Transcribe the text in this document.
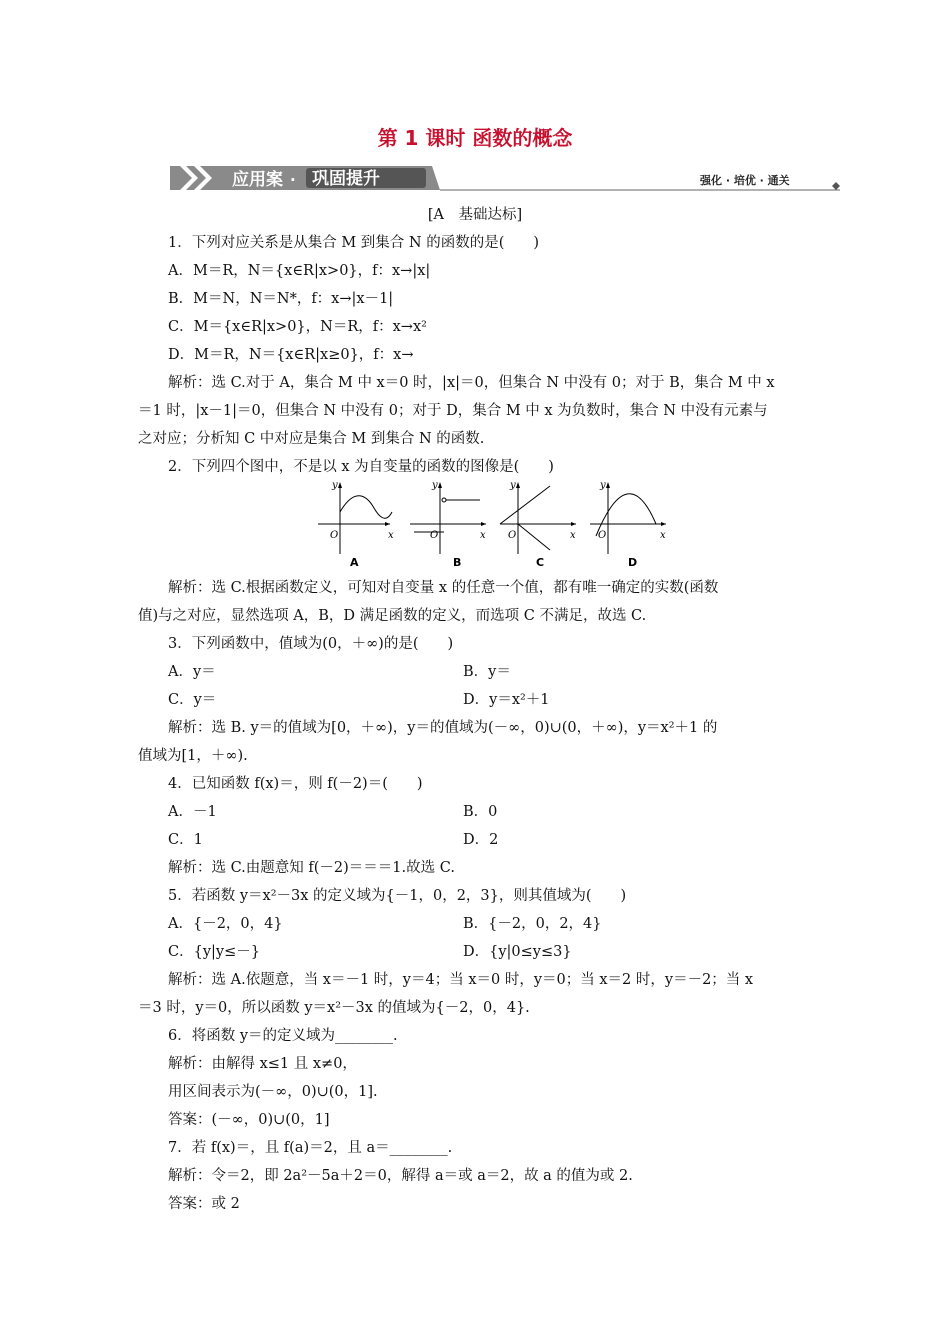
第 1 课时 函数的概念
应用案 · 巩固提升	强化 · 培优 · 通关
[A　基础达标]
1．下列对应关系是从集合 M 到集合 N 的函数的是(　　)
A．M＝R，N＝{x∈R|x>0}，f：x→|x|
B．M＝N，N＝N*，f：x→|x－1|
C．M＝{x∈R|x>0}，N＝R，f：x→x²
D．M＝R，N＝{x∈R|x≥0}，f：x→
解析：选 C.对于 A，集合 M 中 x＝0 时，|x|＝0，但集合 N 中没有 0；对于 B，集合 M 中 x
＝1 时，|x－1|＝0，但集合 N 中没有 0；对于 D，集合 M 中 x 为负数时，集合 N 中没有元素与
之对应；分析知 C 中对应是集合 M 到集合 N 的函数.
2．下列四个图中，不是以 x 为自变量的函数的图像是(　　)
y
x
O
y
x
O
y
x
O
y
x
O
A	B	C	D
解析：选 C.根据函数定义，可知对自变量 x 的任意一个值，都有唯一确定的实数(函数
值)与之对应，显然选项 A，B，D 满足函数的定义，而选项 C 不满足，故选 C.
3．下列函数中，值域为(0，＋∞)的是(　　)
A．y＝	B．y＝
C．y＝	D．y＝x²＋1
解析：选 B. y＝的值域为[0，＋∞)，y＝的值域为(－∞，0)∪(0，＋∞)，y＝x²＋1 的
值域为[1，＋∞).
4．已知函数 f(x)＝，则 f(－2)＝(　　)
A．－1	B．0
C．1	D．2
解析：选 C.由题意知 f(－2)＝＝＝1.故选 C.
5．若函数 y＝x²－3x 的定义域为{－1，0，2，3}，则其值域为(　　)
A．{－2，0，4}	B．{－2，0，2，4}
C．{y|y≤－}	D．{y|0≤y≤3}
解析：选 A.依题意，当 x＝－1 时，y＝4；当 x＝0 时，y＝0；当 x＝2 时，y＝－2；当 x
＝3 时，y＝0，所以函数 y＝x²－3x 的值域为{－2，0，4}.
6．将函数 y＝的定义域为________.
解析：由解得 x≤1 且 x≠0，
用区间表示为(－∞，0)∪(0，1].
答案：(－∞，0)∪(0，1]
7．若 f(x)＝，且 f(a)＝2，且 a＝________.
解析：令＝2，即 2a²－5a＋2＝0，解得 a＝或 a＝2，故 a 的值为或 2.
答案：或 2
